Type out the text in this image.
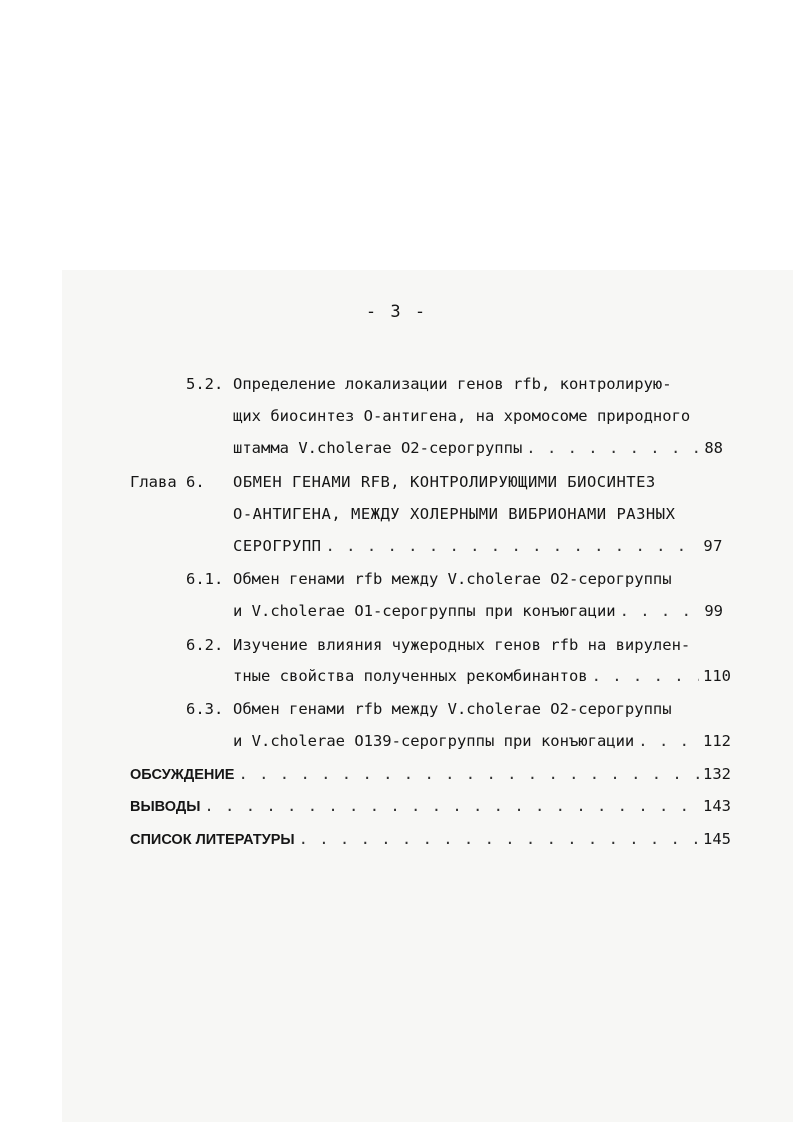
- 3 -
5.2. Определение локализации генов rfb, контролирую-
щих биосинтез О-антигена, на хромосоме природного
штамма V.cholerae О2-серогруппы . . .	88
Глава 6. ОБМЕН ГЕНАМИ RFB, КОНТРОЛИРУЮЩИМИ БИОСИНТЕЗ
О-АНТИГЕНА, МЕЖДУ ХОЛЕРНЫМИ ВИБРИОНАМИ РАЗНЫХ
СЕРОГРУПП . . .	97
6.1. Обмен генами rfb между V.cholerae О2-серогруппы
и V.cholerae О1-серогруппы при конъюгации . . .	99
6.2. Изучение влияния чужеродных генов rfb на вирулен-
тные свойства полученных рекомбинантов . . .	110
6.3. Обмен генами rfb между V.cholerae О2-серогруппы
и V.cholerae О139-серогруппы при конъюгации . . .	112
ОБСУЖДЕНИЕ . . .	132
ВЫВОДЫ . . .	143
СПИСОК ЛИТЕРАТУРЫ . . .	145
